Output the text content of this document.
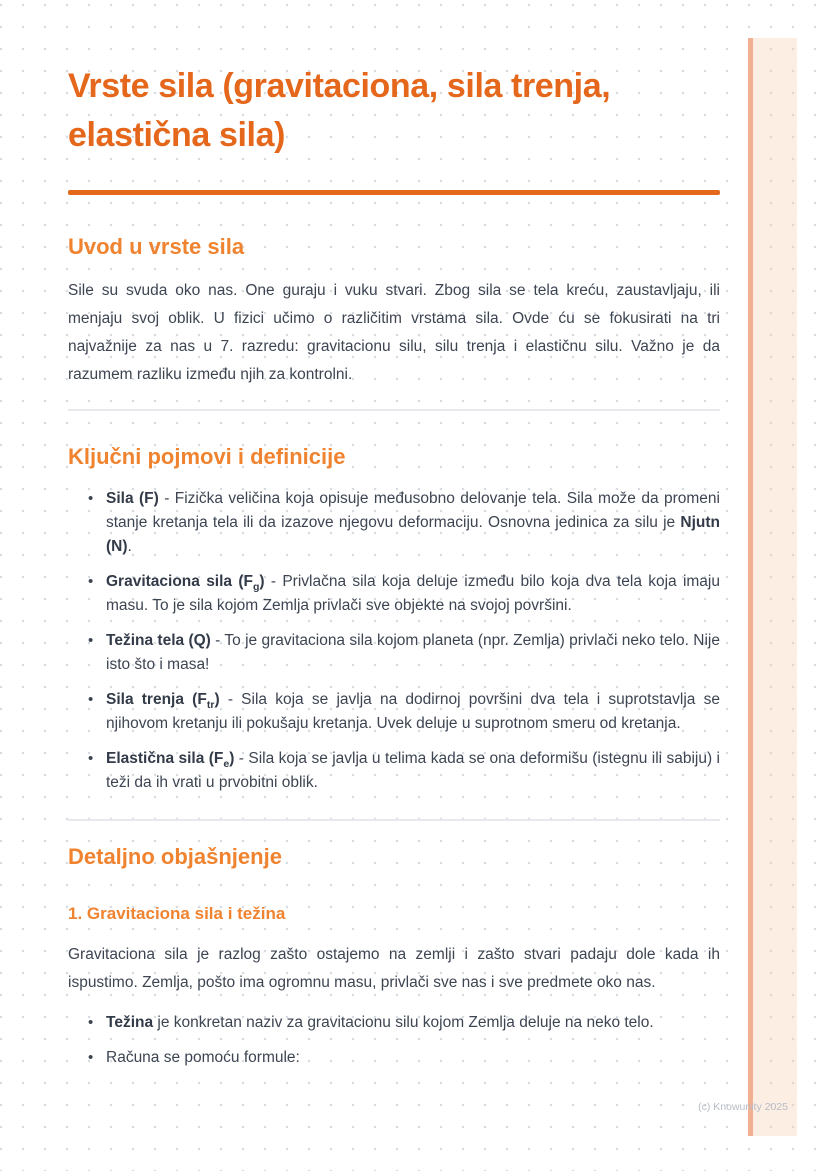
Vrste sila (gravitaciona, sila trenja, elastična sila)
Uvod u vrste sila

Sile su svuda oko nas. One guraju i vuku stvari. Zbog sila se tela kreću, zaustavljaju, ili menjaju svoj oblik. U fizici učimo o različitim vrstama sila. Ovde ću se fokusirati na tri najvažnije za nas u 7. razredu: gravitacionu silu, silu trenja i elastičnu silu. Važno je da razumem razliku između njih za kontrolni.

Ključni pojmovi i definicije
• Sila (F) - Fizička veličina koja opisuje međusobno delovanje tela. Sila može da promeni stanje kretanja tela ili da izazove njegovu deformaciju. Osnovna jedinica za silu je Njutn (N).
• Gravitaciona sila $(F_g)$ - Privlačna sila koja deluje između bilo koja dva tela koja imaju masu. To je sila kojom Zemlja privlači sve objekte na svojoj površini.
• Težina tela (Q) - To je gravitaciona sila kojom planeta (npr. Zemlja) privlači neko telo. Nije isto što i masa!
• Sila trenja $(F_{tr})$ - Sila koja se javlja na dodirnoj površini dva tela i suprotstavlja se njihovom kretanju ili pokušaju kretanja. Uvek deluje u suprotnom smeru od kretanja.
• Elastična sila $(F_e)$ - Sila koja se javlja u telima kada se ona deformišu (istegnu ili sabiju) i teži da ih vrati u prvobitni oblik.
Detaljno objašnjenje
1. Gravitaciona sila i težina

Gravitaciona sila je razlog zašto ostajemo na zemlji i zašto stvari padaju dole kada ih ispustimo. Zemlja, pošto ima ogromnu masu, privlači sve nas i sve predmete oko nas.

• Težina je konkretan naziv za gravitacionu silu kojom Zemlja deluje na neko telo.
• Računa se pomoću formule:
(c) Knowunity 2025
